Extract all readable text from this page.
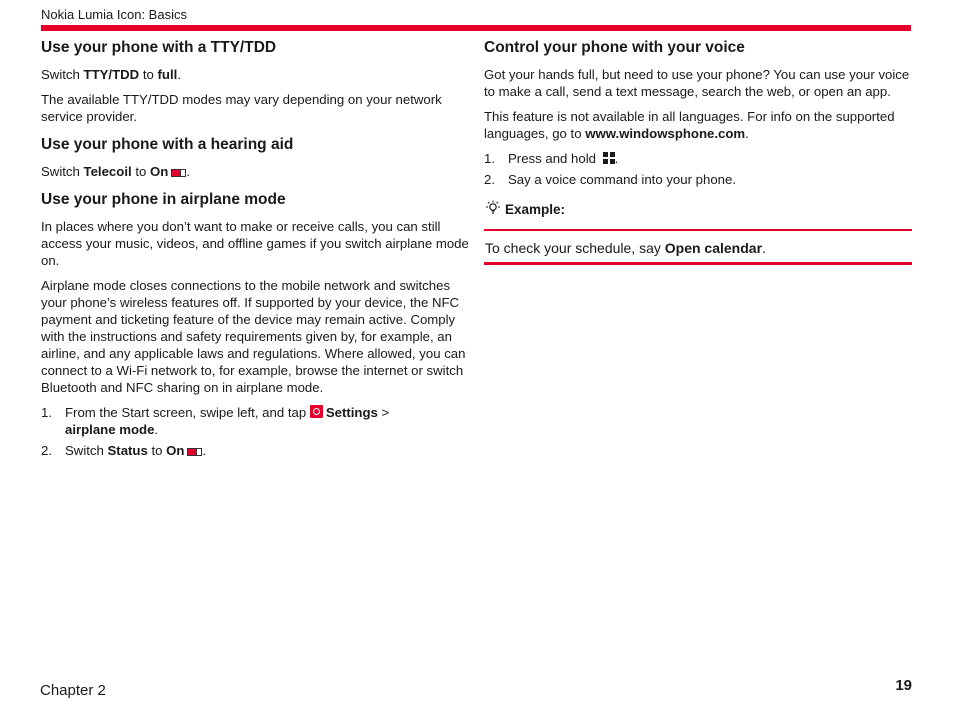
Nokia Lumia Icon: Basics
Use your phone with a TTY/TDD

Switch TTY/TDD to full.

The available TTY/TDD modes may vary depending on your network service provider.

Use your phone with a hearing aid

Switch Telecoil to On .

Use your phone in airplane mode

In places where you don’t want to make or receive calls, you can still access your music, videos, and offline games if you switch airplane mode on.

Airplane mode closes connections to the mobile network and switches your phone’s wireless features off. If supported by your device, the NFC payment and ticketing feature of the device may remain active. Comply with the instructions and safety requirements given by, for example, an airline, and any applicable laws and regulations. Where allowed, you can connect to a Wi-Fi network to, for example, browse the internet or switch Bluetooth and NFC sharing on in airplane mode.

1. From the Start screen, swipe left, and tap Settings >
airplane mode.
2. Switch Status to On .
Control your phone with your voice

Got your hands full, but need to use your phone? You can use your voice to make a call, send a text message, search the web, or open an app.

This feature is not available in all languages. For info on the supported languages, go to www.windowsphone.com.

1. Press and hold .
2. Say a voice command into your phone.
Example:
To check your schedule, say Open calendar.
Chapter 2	19
